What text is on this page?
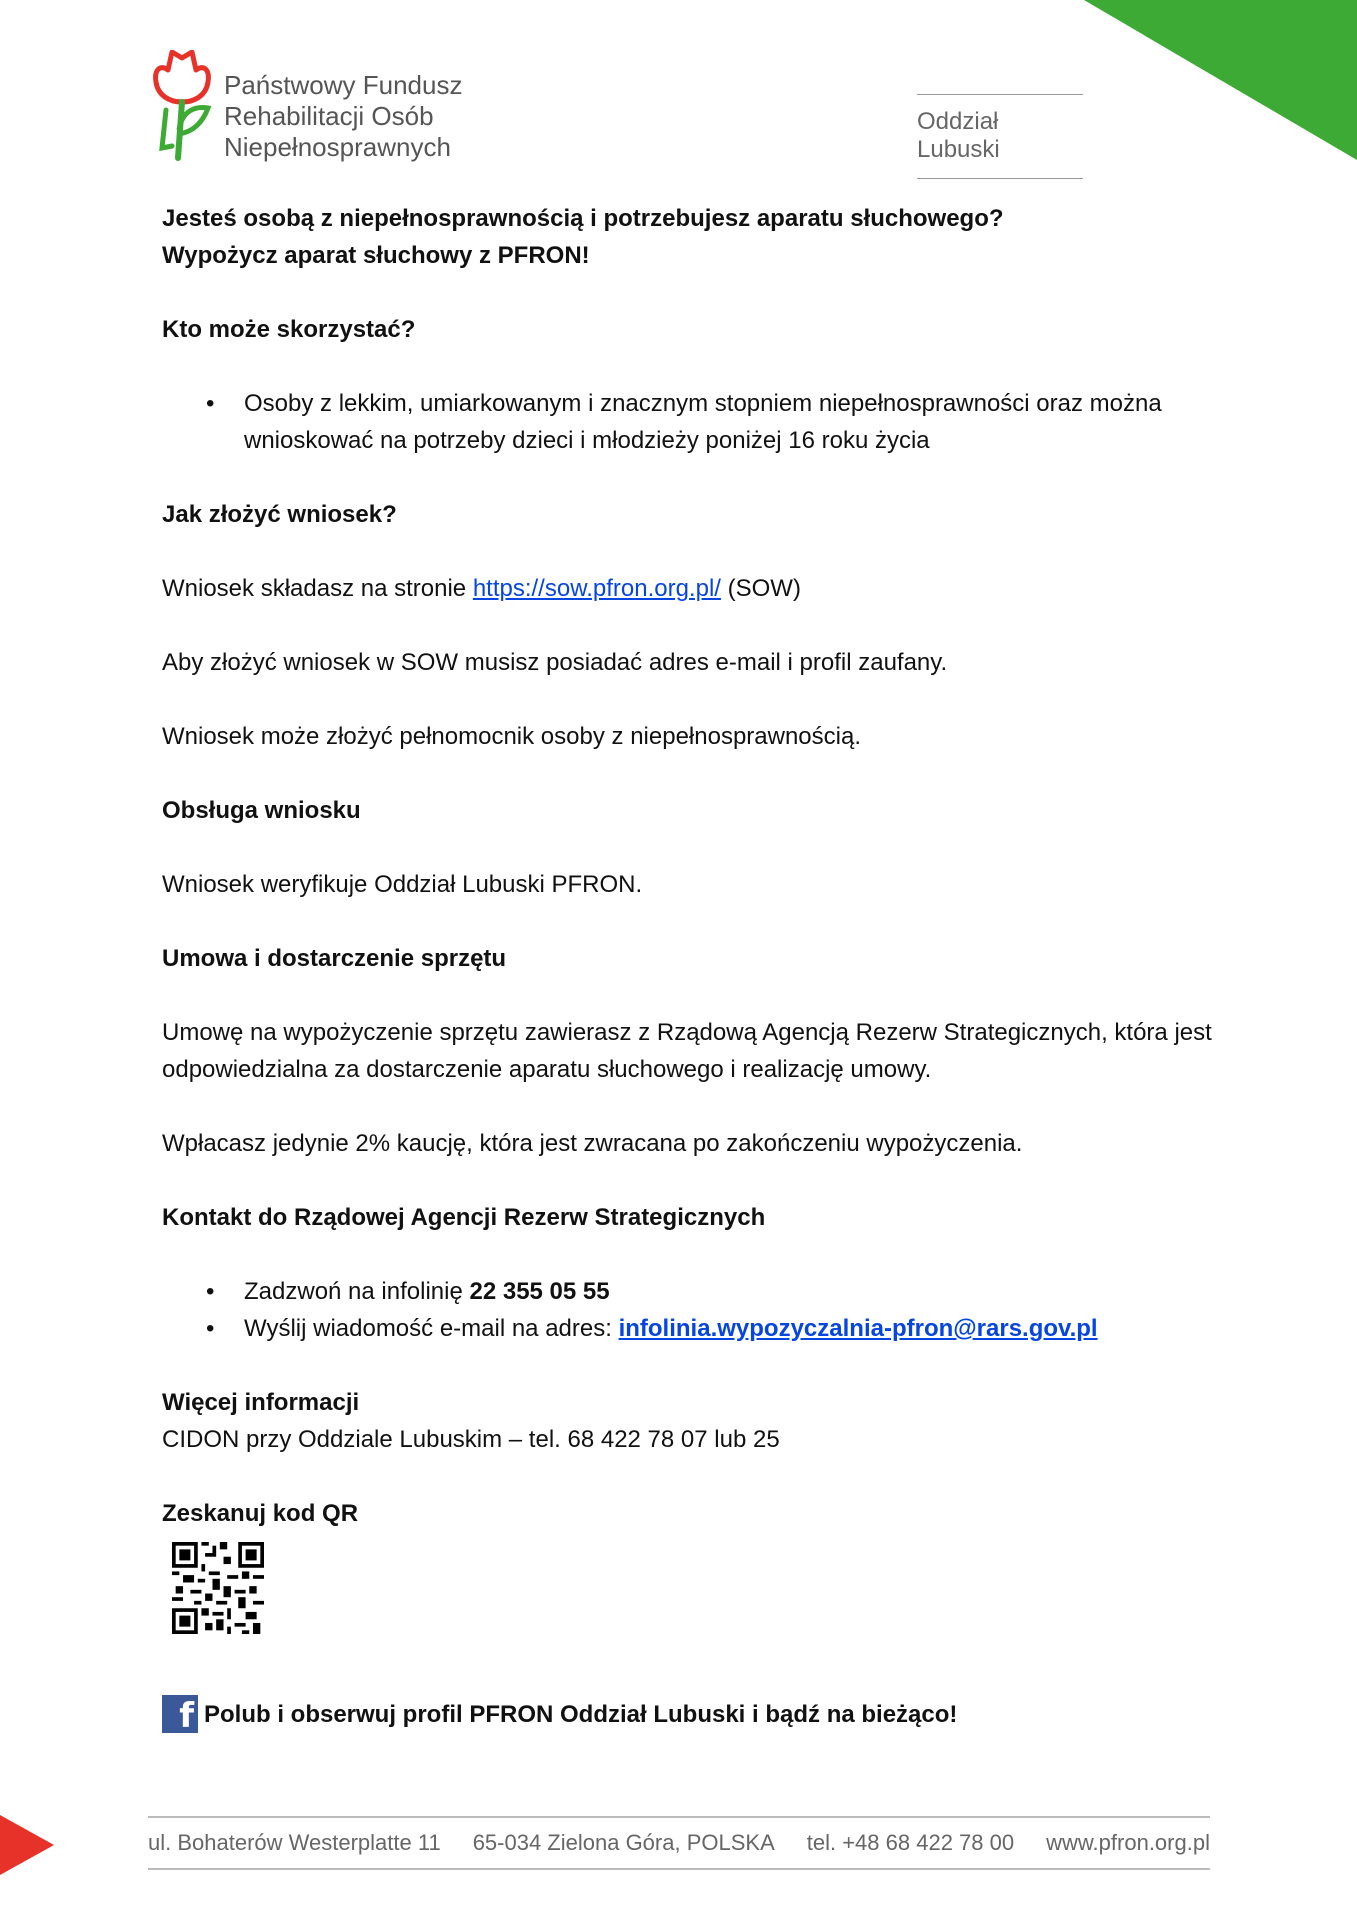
Państwowy Fundusz
Rehabilitacji Osób
Niepełnosprawnych
Oddział Lubuski

Jesteś osobą z niepełnosprawnością i potrzebujesz aparatu słuchowego?

Wypożycz aparat słuchowy z PFRON!

Kto może skorzystać?

• Osoby z lekkim, umiarkowanym i znacznym stopniem niepełnosprawności oraz można wnioskować na potrzeby dzieci i młodzieży poniżej 16 roku życia

Jak złożyć wniosek?

Wniosek składasz na stronie https://sow.pfron.org.pl/ (SOW)

Aby złożyć wniosek w SOW musisz posiadać adres e-mail i profil zaufany.

Wniosek może złożyć pełnomocnik osoby z niepełnosprawnością.

Obsługa wniosku

Wniosek weryfikuje Oddział Lubuski PFRON.

Umowa i dostarczenie sprzętu

Umowę na wypożyczenie sprzętu zawierasz z Rządową Agencją Rezerw Strategicznych, która jest odpowiedzialna za dostarczenie aparatu słuchowego i realizację umowy.

Wpłacasz jedynie 2% kaucję, która jest zwracana po zakończeniu wypożyczenia.

Kontakt do Rządowej Agencji Rezerw Strategicznych

• Zadzwoń na infolinię 22 355 05 55
• Wyślij wiadomość e-mail na adres: infolinia.wypozyczalnia-pfron@rars.gov.pl

Więcej informacji

CIDON przy Oddziale Lubuskim – tel. 68 422 78 07 lub 25

Zeskanuj kod QR

f Polub i obserwuj profil PFRON Oddział Lubuski i bądź na bieżąco!
ul. Bohaterów Westerplatte 11 65-034 Zielona Góra, POLSKA tel. +48 68 422 78 00 www.pfron.org.pl
